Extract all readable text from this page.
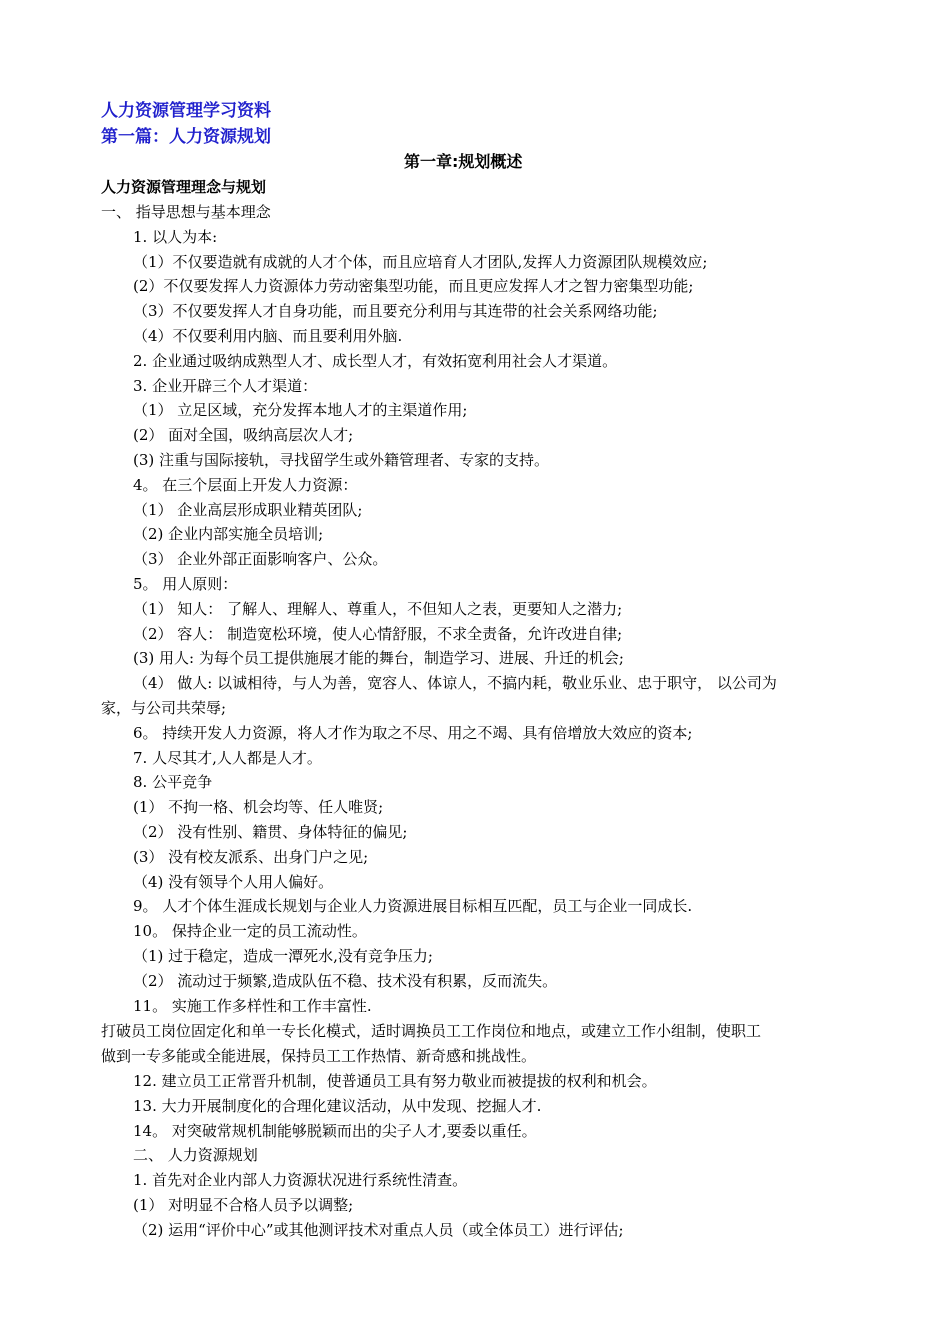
人力资源管理学习资料
第一篇：人力资源规划
第一章:规划概述
人力资源管理理念与规划
一、 指导思想与基本理念
1. 以人为本:
（1）不仅要造就有成就的人才个体，而且应培育人才团队,发挥人力资源团队规模效应;
(2）不仅要发挥人力资源体力劳动密集型功能，而且更应发挥人才之智力密集型功能;
（3）不仅要发挥人才自身功能，而且要充分利用与其连带的社会关系网络功能;
（4）不仅要利用内脑、而且要利用外脑.
2. 企业通过吸纳成熟型人才、成长型人才，有效拓宽利用社会人才渠道。
3. 企业开辟三个人才渠道：
（1） 立足区域，充分发挥本地人才的主渠道作用;
(2） 面对全国，吸纳高层次人才;
(3) 注重与国际接轨，寻找留学生或外籍管理者、专家的支持。
4。 在三个层面上开发人力资源：
（1） 企业高层形成职业精英团队;
（2) 企业内部实施全员培训;
（3） 企业外部正面影响客户、公众。
5。 用人原则：
（1） 知人： 了解人、理解人、尊重人，不但知人之表，更要知人之潜力;
（2） 容人： 制造宽松环境，使人心情舒服，不求全责备，允许改进自律;
(3) 用人: 为每个员工提供施展才能的舞台，制造学习、进展、升迁的机会;
（4） 做人: 以诚相待，与人为善，宽容人、体谅人，不搞内耗，敬业乐业、忠于职守， 以公司为
家，与公司共荣辱;
6。 持续开发人力资源，将人才作为取之不尽、用之不竭、具有倍增放大效应的资本;
7. 人尽其才,人人都是人才。
8. 公平竞争
(1） 不拘一格、机会均等、任人唯贤;
（2） 没有性别、籍贯、身体特征的偏见;
(3） 没有校友派系、出身门户之见;
（4) 没有领导个人用人偏好。
9。 人才个体生涯成长规划与企业人力资源进展目标相互匹配，员工与企业一同成长.
10。 保持企业一定的员工流动性。
（1) 过于稳定，造成一潭死水,没有竞争压力;
（2） 流动过于频繁,造成队伍不稳、技术没有积累，反而流失。
11。 实施工作多样性和工作丰富性.
打破员工岗位固定化和单一专长化模式，适时调换员工工作岗位和地点，或建立工作小组制，使职工
做到一专多能或全能进展，保持员工工作热情、新奇感和挑战性。
12. 建立员工正常晋升机制，使普通员工具有努力敬业而被提拔的权利和机会。
13. 大力开展制度化的合理化建议活动，从中发现、挖掘人才.
14。 对突破常规机制能够脱颖而出的尖子人才,要委以重任。
二、 人力资源规划
1. 首先对企业内部人力资源状况进行系统性清查。
(1） 对明显不合格人员予以调整;
（2) 运用“评价中心”或其他测评技术对重点人员（或全体员工）进行评估;
